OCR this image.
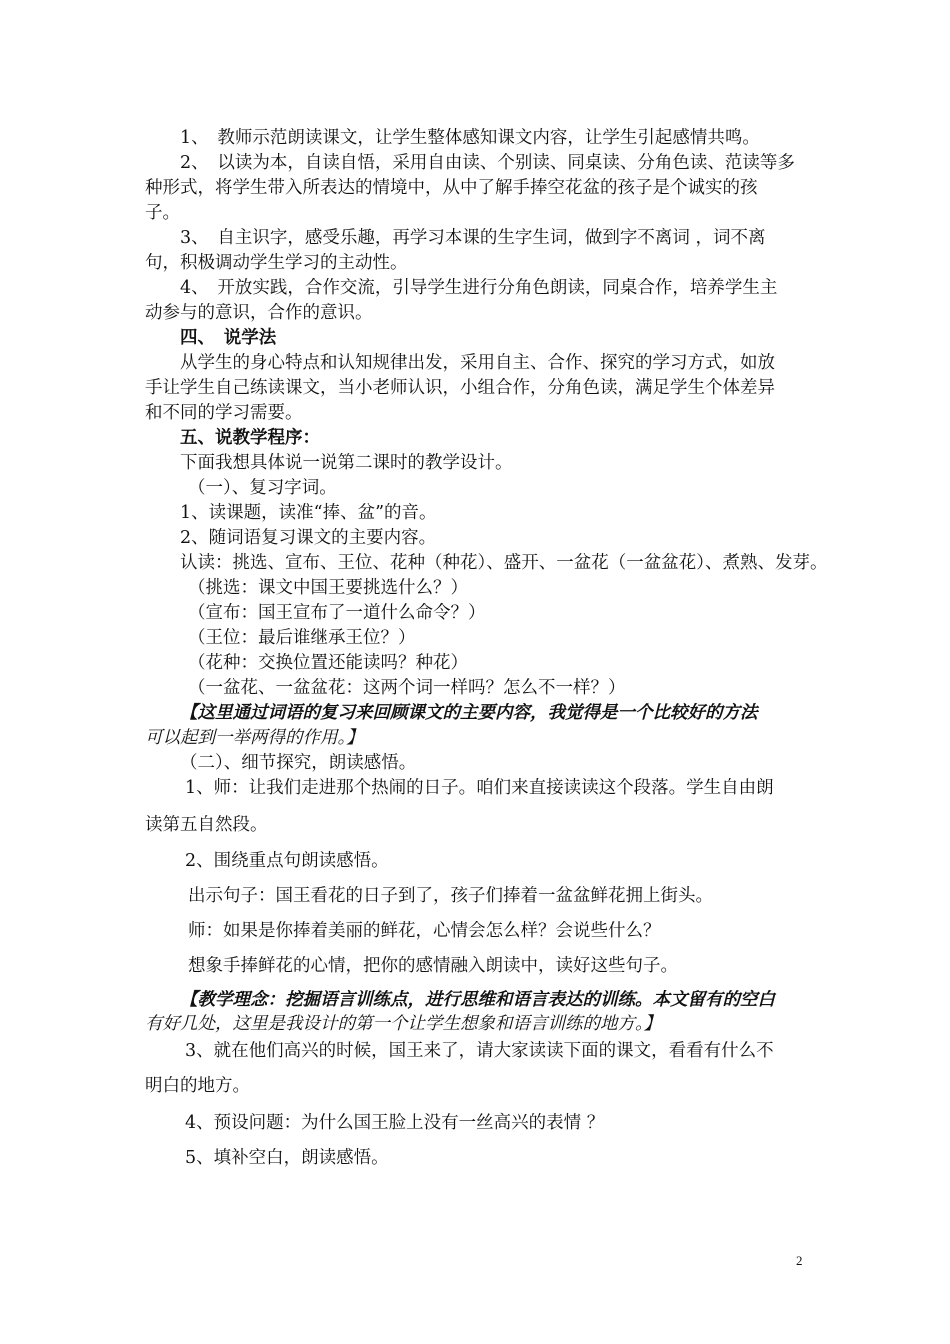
1、　教师示范朗读课文，让学生整体感知课文内容，让学生引起感情共鸣。
2、　以读为本，自读自悟，采用自由读、个别读、同桌读、分角色读、范读等多
种形式，将学生带入所表达的情境中，从中了解手捧空花盆的孩子是个诚实的孩
子。
3、　自主识字，感受乐趣，再学习本课的生字生词，做到字不离词 ，词不离
句，积极调动学生学习的主动性。
4、　开放实践，合作交流，引导学生进行分角色朗读，同桌合作，培养学生主
动参与的意识，合作的意识。
四、　说学法
从学生的身心特点和认知规律出发，采用自主、合作、探究的学习方式，如放
手让学生自己练读课文，当小老师认识，小组合作，分角色读，满足学生个体差异
和不同的学习需要。
五、说教学程序：
下面我想具体说一说第二课时的教学设计。
（一）、复习字词。
1、读课题，读准“捧、盆”的音。
2、随词语复习课文的主要内容。
认读：挑选、宣布、王位、花种（种花）、盛开、一盆花（一盆盆花）、煮熟、发芽。
（挑选：课文中国王要挑选什么？）
（宣布：国王宣布了一道什么命令？）
（王位：最后谁继承王位？）
（花种：交换位置还能读吗？种花）
（一盆花、一盆盆花：这两个词一样吗？怎么不一样？）
【这里通过词语的复习来回顾课文的主要内容，我觉得是一个比较好的方法
可以起到一举两得的作用。】
（二）、细节探究，朗读感悟。
1、师：让我们走进那个热闹的日子。咱们来直接读读这个段落。学生自由朗
读第五自然段。
2、围绕重点句朗读感悟。
出示句子：国王看花的日子到了，孩子们捧着一盆盆鲜花拥上街头。
师：如果是你捧着美丽的鲜花，心情会怎么样？会说些什么？
想象手捧鲜花的心情，把你的感情融入朗读中，读好这些句子。
【教学理念：挖掘语言训练点，进行思维和语言表达的训练。本文留有的空白
有好几处，这里是我设计的第一个让学生想象和语言训练的地方。】
3、就在他们高兴的时候，国王来了，请大家读读下面的课文，看看有什么不
明白的地方。
4、预设问题：为什么国王脸上没有一丝高兴的表情 ？
5、填补空白，朗读感悟。
2
